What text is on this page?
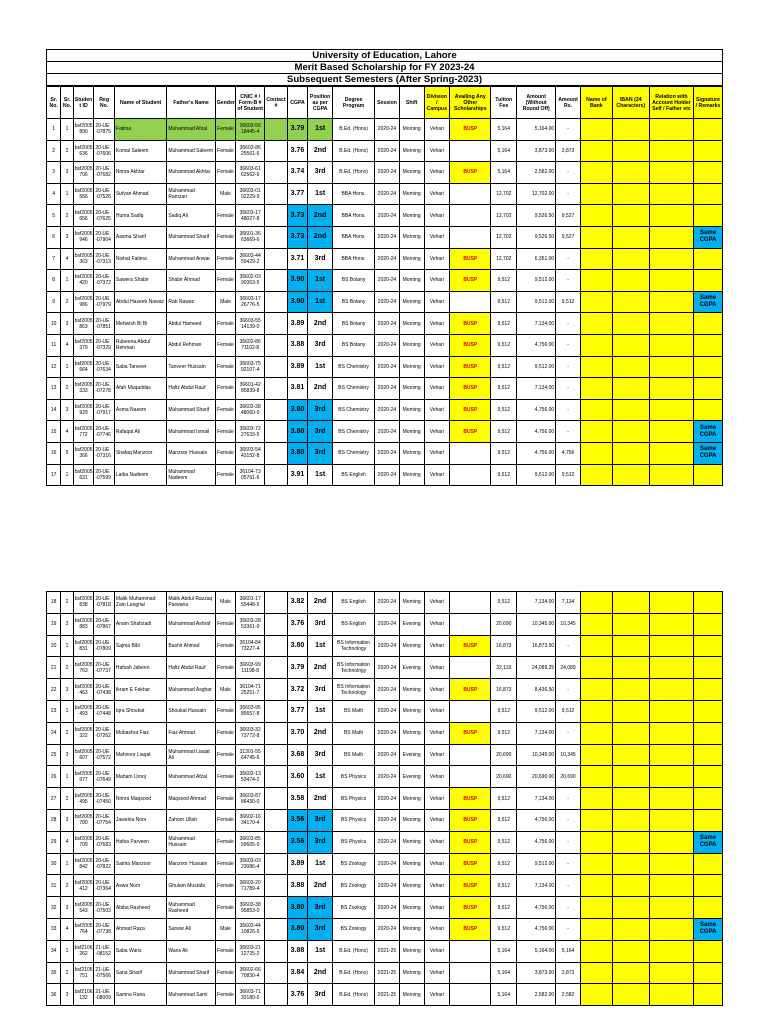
University of Education, Lahore
Merit Based Scholarship for FY 2023-24
Subsequent Semesters (After Spring-2023)
Sr. No.	Sr. No.	Studen t ID	Reg No.	Name of Student	Father's Name	Gender	CNIC # / Form-B # of Student	Contact #	CGPA	Position as per CGPA	Degree Program	Session	Shift	Division / Campus	Availing Any Other Scholarships	Tuition Fee	Amount (Without Round Off)	Amount Rs.	Name of Bank	IBAN (24 Characters)	Relation with Account Holder Self / Father etc	Signature / Remarks
1	1	bsf2005 890	20-UE -07875	Fatima	Muhammad Afzal	Female	36603-56 18445-4		3.79	1st	B.Ed. (Hons)	2020-24	Morning	Vehari	BUSP	5,164	5,164.00	-				
2	2	bsf2005 636	20-UE -07606	Komal Saleem	Muhammad Saleem	Female	36603-86 25561-6		3.76	2nd	B.Ed. (Hons)	2020-24	Morning	Vehari		5,164	3,873.00	3,873				
3	3	bsf2005 706	20-UE -07682	Nimra Akhtar	Muhammad Akhtar	Female	36603-61 62562-6		3.74	3rd	B.Ed. (Hons)	2020-24	Morning	Vehari	BUSP	5,164	2,582.00	-				
4	1	bsf2005 566	20-UE -07526	Sufyan Ahmad	Muhammad Ramzan	Male	36603-01 02229-9		3.77	1st	BBA Hons.	2020-24	Morning	Vehari		12,702	12,702.00	-				
5	2	bsf2005 656	20-UE -07625	Huma Sadiq	Sadiq Ali	Female	36603-17 48027-8		3.73	2nd	BBA Hons.	2020-24	Morning	Vehari		12,702	9,526.50	9,527				
6	3	bsf2005 946	20-UE -07904	Aasma Sharif	Muhammad Sharif	Female	36601-36 63669-6		3.73	2nd	BBA Hons.	2020-24	Morning	Vehari		12,702	9,526.50	9,527				Same CGPA
7	4	bsf2005 363	20-UE -07313	Nishat Fatima	Muhammad Anwar	Female	36603-44 59429-2		3.71	3rd	BBA Hons.	2020-24	Morning	Vehari	BUSP	12,702	6,351.00	-				
8	1	bsf2005 420	20-UE -07372	Sawera Shabir	Shabir Ahmad	Female	36602-03 90363-5		3.90	1st	BS Botany	2020-24	Morning	Vehari	BUSP	9,512	9,512.00	-				
9	2	bsf2005 986	20-UE -07979	Abdul Haseeb Nawaz	Rab Nawaz	Male	36603-17 26776-5		3.90	1st	BS Botany	2020-24	Morning	Vehari		9,512	9,512.00	9,512				Same CGPA
10	3	bsf2005 863	20-UE -07851	Mehwish Bi Bi	Abdul Hameed	Female	36603-55 14139-0		3.89	2nd	BS Botany	2020-24	Morning	Vehari	BUSP	9,512	7,134.00	-				
11	4	bsf2005 379	20-UE -07329	Rubeena Abdul Rehman	Abdul Rehman	Female	36602-86 71102-8		3.88	3rd	BS Botany	2020-24	Morning	Vehari	BUSP	9,512	4,756.00	-				
12	1	bsf2005 664	20-UE -07634	Saba Tanveer	Tanveer Hussain	Female	36603-75 92107-4		3.89	1st	BS Chemistry	2020-24	Morning	Vehari	BUSP	9,512	9,512.00	-				
13	2	bsf2005 333	20-UE -07278	Afah Muqaddas	Hafiz Abdul Rauf	Female	36601-42 85839-8		3.81	2nd	BS Chemistry	2020-24	Morning	Vehari	BUSP	9,512	7,134.00	-				
14	3	bsf2005 929	20-UE -07917	Asma Naeem	Muhammad Sharif	Female	36603-38 48060-0		3.80	3rd	BS Chemistry	2020-24	Morning	Vehari	BUSP	9,512	4,756.00	-				
15	4	bsf2005 772	20-UE -07746	Rafaqat Ali	Muhammad Ismail	Female	36603-72 27633-5		3.80	3rd	BS Chemistry	2020-24	Morning	Vehari	BUSP	9,512	4,756.00	-				Same CGPA
16	5	bsf2005 366	20-UE -07316	Shafaq Manzoor	Manzoor Hussain	Female	36603-54 43152-8		3.80	3rd	BS Chemistry	2020-24	Morning	Vehari		9,512	4,756.00	4,756				Same CGPA
17	1	bsf2005 631	20-UE -07599	Laiba Nadeem	Muhammad Nadeem	Female	36104-73 05761-6		3.91	1st	BS English	2020-24	Morning	Vehari		9,512	9,512.00	9,512				
18	2	bsf2005 838	20-UE -07818	Malik Muhammad Zain Langrial	Malik Abdul Razzaq Parwana	Male	36601-17 55448-5		3.82	2nd	BS English	2020-24	Morning	Vehari		9,512	7,134.00	7,134				
19	3	bsf2005 883	20-UE -07867	Anam Shahzadi	Muhammad Ashraf	Female	36603-28 53361-0		3.76	3rd	BS English	2020-24	Evening	Vehari		20,690	10,345.00	10,345				
20	1	bsf2005 831	20-UE -07809	Sajma Bibi	Bashir Ahmad	Female	36104-84 73227-4		3.80	1st	BS Information Technology	2020-24	Morning	Vehari	BUSP	16,873	16,873.00	-				
21	2	bsf2005 763	20-UE -07737	Hafsah Jabeen	Hafiz Abdul Rauf	Female	36603-99 11198-8		3.79	2nd	BS Information Technology	2020-24	Evening	Vehari		32,119	24,089.25	24,089				
22	3	bsf2005 463	20-UE -07438	Ikram E Fakhar	Muhammad Asghar	Male	36104-71 25251-7		3.72	3rd	BS Information Technology	2020-24	Morning	Vehari	BUSP	16,873	8,436.50	-				
23	1	bsf2005 493	20-UE -07448	Iqra Shoukat	Shoukat Hussain	Female	36603-95 85657-8		3.77	1st	BS Math	2020-24	Morning	Vehari		9,512	9,512.00	9,512				
24	2	bsf2005 322	20-UE -07262	Mubashra Fiaz	Fiaz Ahmad	Female	36603-32 73772-8		3.70	2nd	BS Math	2020-24	Morning	Vehari	BUSP	9,512	7,134.00	-				
25	3	bsf2005 607	20-UE -07572	Mahnoor Liaqat	Muhammad Liaqat Ali	Female	31301-55 64745-6		3.68	3rd	BS Math	2020-24	Evening	Vehari		20,690	10,345.00	10,345				
26	1	bsf2005 677	20-UE -07649	Maham Urooj	Muhammad Afzal	Female	36602-13 53474-2		3.60	1st	BS Physics	2020-24	Evening	Vehari		20,690	20,690.00	20,690				
27	2	bsf2005 495	20-UE -07450	Nimra Maqsood	Maqsood Ahmad	Female	36603-87 86430-0		3.58	2nd	BS Physics	2020-24	Morning	Vehari	BUSP	9,512	7,134.00	-				
28	3	bsf2005 780	20-UE -07754	Jaweiria Noor	Zahoor Ullah	Female	36602-16 34170-4		3.56	3rd	BS Physics	2020-24	Morning	Vehari	BUSP	9,512	4,756.00	-				
29	4	bsf2005 709	20-UE -07683	Hafsa Parveen	Muhammad Hussain	Female	36603-85 59665-0		3.56	3rd	BS Physics	2020-24	Morning	Vehari	BUSP	9,512	4,756.00	-				Same CGPA
30	1	bsf2005 842	20-UE -07822	Saima Manzoor	Manzoor Hussain	Female	36603-03 23086-4		3.89	1st	BS Zoology	2020-24	Morning	Vehari	BUSP	9,512	9,512.00	-				
31	2	bsf2005 412	20-UE -07364	Aswa Noor	Ghulam Mustafa	Female	36603-20 71789-4		3.88	2nd	BS Zoology	2020-24	Morning	Vehari	BUSP	9,512	7,134.00	-				
32	3	bsf2005 543	20-UE -07503	Abiba Rasheed	Muhammad Rasheed	Female	36603-38 95853-0		3.80	3rd	BS Zoology	2020-24	Morning	Vehari	BUSP	9,512	4,756.00	-				
33	4	bsf2005 764	20-UE -07738	Ahmad Raza	Sarwar Ali	Male	36603-44 10826-5		3.80	3rd	BS Zoology	2020-24	Morning	Vehari	BUSP	9,512	4,756.00	-				Same CGPA
34	1	bsf2106 262	21-UE -08152	Saba Waris	Waris Ali	Female	36603-21 12725-2		3.88	1st	B.Ed. (Hons)	2021-25	Morning	Vehari		5,164	5,164.00	5,164				
35	2	bsf2105 751	21-UE -07566	Sana Sharif	Muhammad Sharif	Female	36602-66 70830-4		3.84	2nd	B.Ed. (Hons)	2021-25	Morning	Vehari		5,164	3,873.00	3,873				
36	3	bsf2106 132	21-UE -08009	Samna Rana	Muhammad Sami	Female	36603-71 33180-0		3.76	3rd	B.Ed. (Hons)	2021-25	Morning	Vehari		5,164	2,582.00	2,582				
